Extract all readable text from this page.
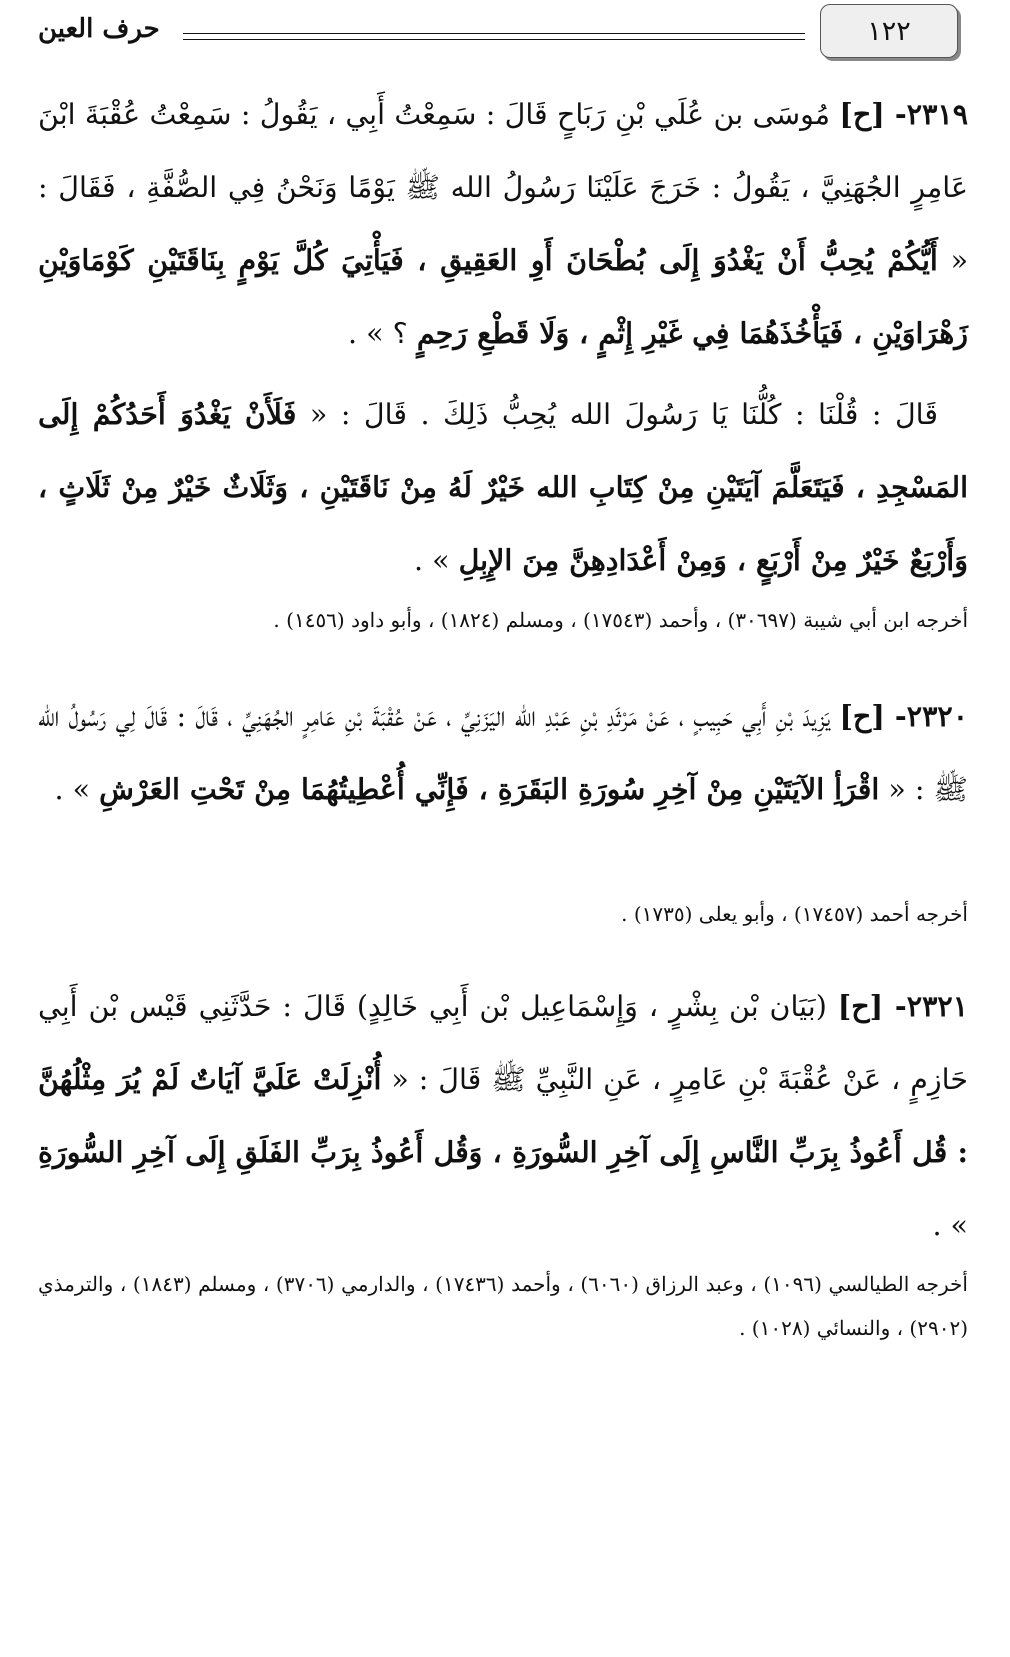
١٢٢
حرف العين
٢٣١٩- [ح] مُوسَى بن عُلَي بْنِ رَبَاحٍ قَالَ : سَمِعْتُ أَبِي ، يَقُولُ : سَمِعْتُ عُقْبَةَ ابْنَ عَامِرٍ الجُهَنِيَّ ، يَقُولُ : خَرَجَ عَلَيْنَا رَسُولُ الله ﷺ يَوْمًا وَنَحْنُ فِي الصُّفَّةِ ، فَقَالَ : « أَيُّكُمْ يُحِبُّ أَنْ يَغْدُوَ إِلَى بُطْحَانَ أَوِ العَقِيقِ ، فَيَأْتِيَ كُلَّ يَوْمٍ بِنَاقَتَيْنِ كَوْمَاوَيْنِ زَهْرَاوَيْنِ ، فَيَأْخُذَهُمَا فِي غَيْرِ إِثْمٍ ، وَلَا قَطْعِ رَحِمٍ ؟ » .
قَالَ : قُلْنَا : كُلُّنَا يَا رَسُولَ الله يُحِبُّ ذَلِكَ . قَالَ : « فَلَأَنْ يَغْدُوَ أَحَدُكُمْ إِلَى المَسْجِدِ ، فَيَتَعَلَّمَ آيَتَيْنِ مِنْ كِتَابِ الله خَيْرٌ لَهُ مِنْ نَاقَتَيْنِ ، وَثَلَاثٌ خَيْرٌ مِنْ ثَلَاثٍ ، وَأَرْبَعٌ خَيْرٌ مِنْ أَرْبَعٍ ، وَمِنْ أَعْدَادِهِنَّ مِنَ الإِبِلِ » .
أخرجه ابن أبي شيبة (٣٠٦٩٧) ، وأحمد (١٧٥٤٣) ، ومسلم (١٨٢٤) ، وأبو داود (١٤٥٦) .
٢٣٢٠- [ح] يَزِيدَ بْنِ أَبِي حَبِيبٍ ، عَنْ مَرْثَدِ بْنِ عَبْدِ الله اليَزَنِيِّ ، عَنْ عُقْبَةَ بْنِ عَامِرٍ الجُهَنِيِّ ، قَالَ : قَالَ لِي رَسُولُ الله ﷺ : « اقْرَأِ الآيَتَيْنِ مِنْ آخِرِ سُورَةِ البَقَرَةِ ، فَإِنِّي أُعْطِيتُهُمَا مِنْ تَحْتِ العَرْشِ » .
أخرجه أحمد (١٧٤٥٧) ، وأبو يعلى (١٧٣٥) .
٢٣٢١- [ح] (بَيَان بْن بِشْرٍ ، وَإِسْمَاعِيل بْن أَبِي خَالِدٍ) قَالَ : حَدَّثَنِي قَيْس بْن أَبِي حَازِمٍ ، عَنْ عُقْبَةَ بْنِ عَامِرٍ ، عَنِ النَّبِيِّ ﷺ قَالَ : « أُنْزِلَتْ عَلَيَّ آيَاتٌ لَمْ يُرَ مِثْلُهُنَّ : قُل أَعُوذُ بِرَبِّ النَّاسِ إِلَى آخِرِ السُّورَةِ ، وَقُل أَعُوذُ بِرَبِّ الفَلَقِ إِلَى آخِرِ السُّورَةِ » .
أخرجه الطيالسي (١٠٩٦) ، وعبد الرزاق (٦٠٦٠) ، وأحمد (١٧٤٣٦) ، والدارمي (٣٧٠٦) ، ومسلم (١٨٤٣) ، والترمذي (٢٩٠٢) ، والنسائي (١٠٢٨) .
